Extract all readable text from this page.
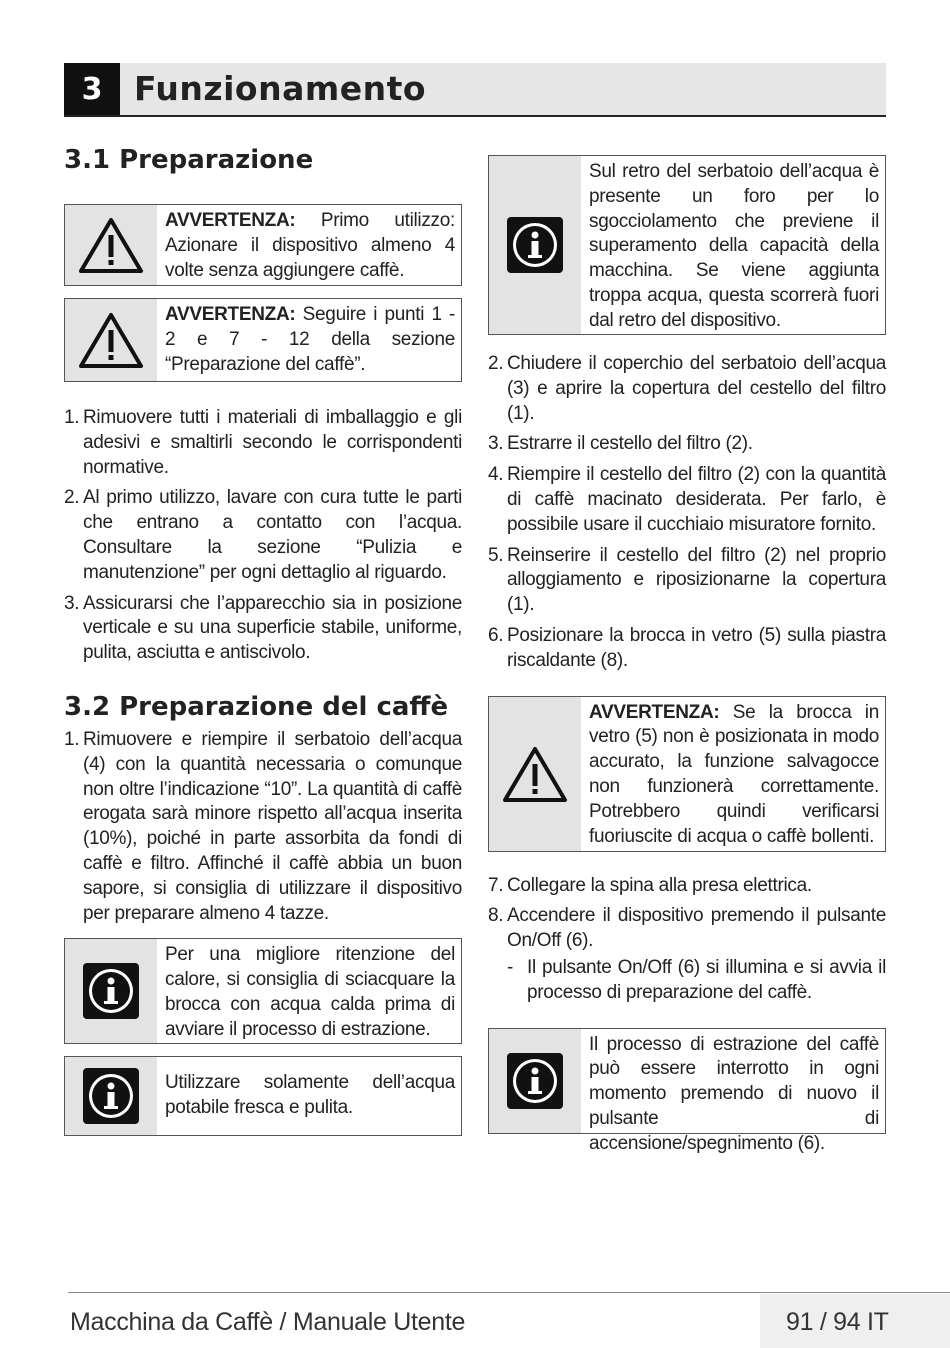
3 Funzionamento
3.1 Preparazione
AVVERTENZA: Primo utilizzo: Azionare il dispositivo almeno 4 volte senza aggiungere caffè.
AVVERTENZA: Seguire i punti 1 - 2 e 7 - 12 della sezione “Preparazione del caffè”.
1. Rimuovere tutti i materiali di imballaggio e gli adesivi e smaltirli secondo le corrispondenti normative.
2. Al primo utilizzo, lavare con cura tutte le parti che entrano a contatto con l’acqua. Consultare la sezione “Pulizia e manutenzione” per ogni dettaglio al riguardo.
3. Assicurarsi che l’apparecchio sia in posizione verticale e su una superficie stabile, uniforme, pulita, asciutta e antiscivolo.
3.2 Preparazione del caffè
1. Rimuovere e riempire il serbatoio dell’acqua (4) con la quantità necessaria o comunque non oltre l’indicazione “10”. La quantità di caffè erogata sarà minore rispetto all’acqua inserita (10%), poiché in parte assorbita da fondi di caffè e filtro. Affinché il caffè abbia un buon sapore, si consiglia di utilizzare il dispositivo per preparare almeno 4 tazze.
Per una migliore ritenzione del calore, si consiglia di sciacquare la brocca con acqua calda prima di avviare il processo di estrazione.
Utilizzare solamente dell’acqua potabile fresca e pulita.
Sul retro del serbatoio dell’acqua è presente un foro per lo sgocciolamento che previene il superamento della capacità della macchina. Se viene aggiunta troppa acqua, questa scorrerà fuori dal retro del dispositivo.
2. Chiudere il coperchio del serbatoio dell’acqua (3) e aprire la copertura del cestello del filtro (1).
3. Estrarre il cestello del filtro (2).
4. Riempire il cestello del filtro (2) con la quantità di caffè macinato desiderata. Per farlo, è possibile usare il cucchiaio misuratore fornito.
5. Reinserire il cestello del filtro (2) nel proprio alloggiamento e riposizionarne la copertura (1).
6. Posizionare la brocca in vetro (5) sulla piastra riscaldante (8).
AVVERTENZA: Se la brocca in vetro (5) non è posizionata in modo accurato, la funzione salvagocce non funzionerà correttamente. Potrebbero quindi verificarsi fuoriuscite di acqua o caffè bollenti.
7. Collegare la spina alla presa elettrica.
8. Accendere il dispositivo premendo il pulsante On/Off (6).
- Il pulsante On/Off (6) si illumina e si avvia il processo di preparazione del caffè.
Il processo di estrazione del caffè può essere interrotto in ogni momento premendo di nuovo il pulsante di accensione/spegnimento (6).
Macchina da Caffè / Manuale Utente	91 / 94 IT
